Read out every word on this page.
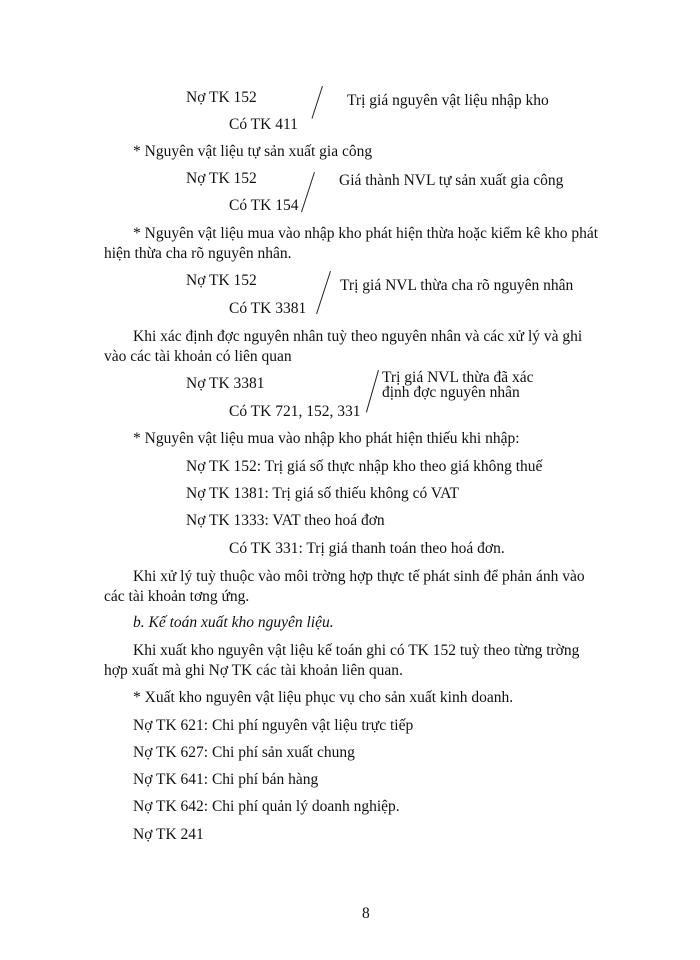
Nợ TK 152	Trị giá nguyên vật liệu nhập kho
Có TK 411
* Nguyên vật liệu tự sản xuất gia công
Nợ TK 152	Giá thành NVL tự sản xuất gia công
Có TK 154
* Nguyên vật liệu mua vào nhập kho phát hiện thừa hoặc kiểm kê kho phát
hiện thừa cha rõ nguyên nhân.
Nợ TK 152	Trị giá NVL thừa cha rõ nguyên nhân
Có TK 3381
Khi xác định đợc nguyên nhân tuỳ theo nguyên nhân và các xử lý và ghi
vào các tài khoản có liên quan
Nợ TK 3381	Trị giá NVL thừa đã xác
định đợc nguyên nhân
Có TK 721, 152, 331
* Nguyên vật liệu mua vào nhập kho phát hiện thiếu khi nhập:
Nợ TK 152: Trị giá số thực nhập kho theo giá không thuế
Nợ TK 1381: Trị giá số thiếu không có VAT
Nợ TK 1333: VAT theo hoá đơn
Có TK 331: Trị giá thanh toán theo hoá đơn.
Khi xử lý tuỳ thuộc vào môi trờng hợp thực tế phát sinh để phản ánh vào
các tài khoản tơng ứng.
b. Kế toán xuất kho nguyên liệu.
Khi xuất kho nguyên vật liệu kế toán ghi có TK 152 tuỳ theo từng trờng
hợp xuất mà ghi Nợ TK các tài khoản liên quan.
* Xuất kho nguyên vật liệu phục vụ cho sản xuất kinh doanh.
Nợ TK 621: Chi phí nguyên vật liệu trực tiếp
Nợ TK 627: Chi phí sản xuất chung
Nợ TK 641: Chi phí bán hàng
Nợ TK 642: Chi phí quản lý doanh nghiệp.
Nợ TK 241
8
